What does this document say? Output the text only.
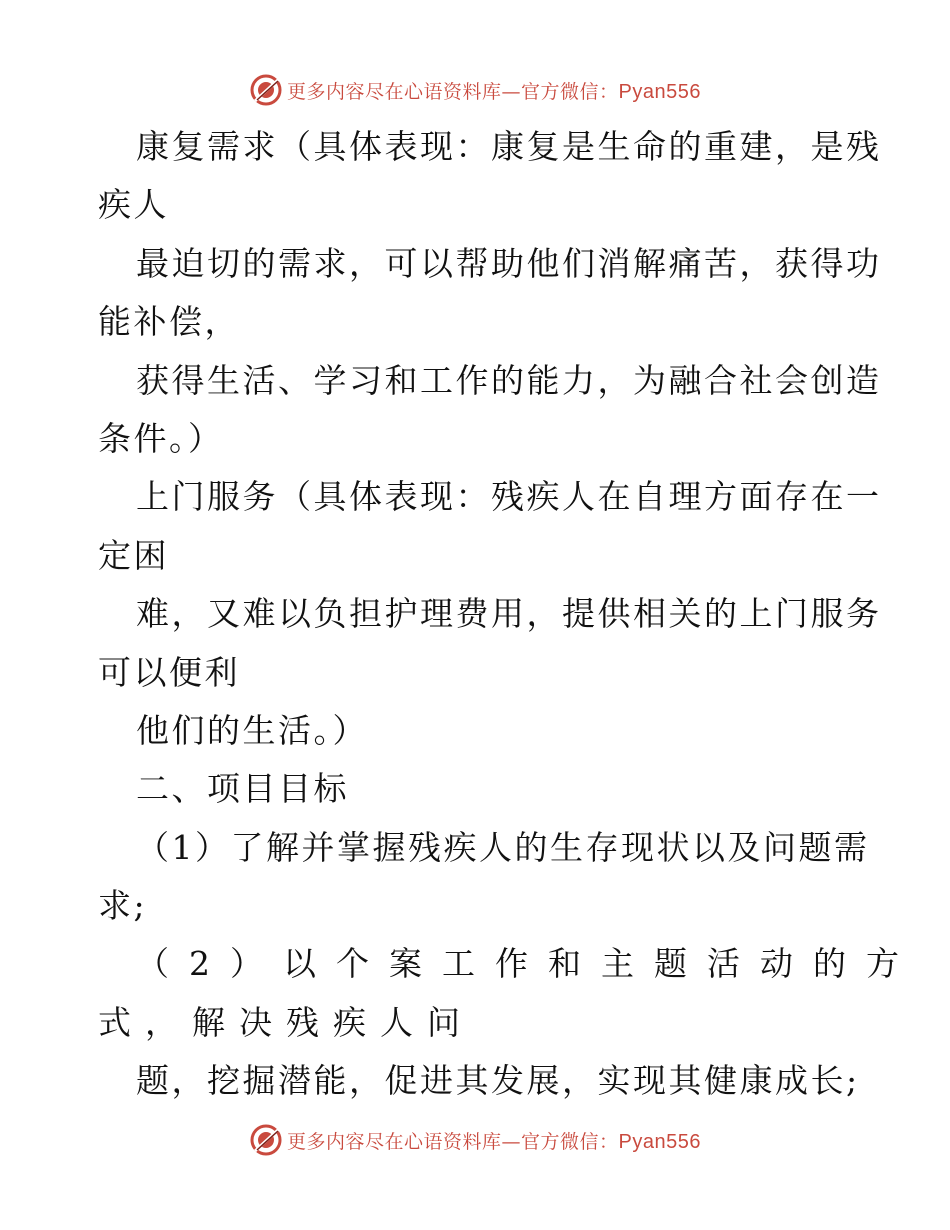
更多内容尽在心语资料库—官方微信：Pyan556
康复需求（具体表现：康复是生命的重建，是残
疾人
最迫切的需求，可以帮助他们消解痛苦，获得功
能补偿，
获得生活、学习和工作的能力，为融合社会创造
条件。）
上门服务（具体表现：残疾人在自理方面存在一
定困
难，又难以负担护理费用，提供相关的上门服务
可以便利
他们的生活。）
二、项目目标
（1）了解并掌握残疾人的生存现状以及问题需
求;
（2）以个案工作和主题活动的方
式，解决残疾人问
题，挖掘潜能，促进其发展，实现其健康成长;
更多内容尽在心语资料库—官方微信：Pyan556
